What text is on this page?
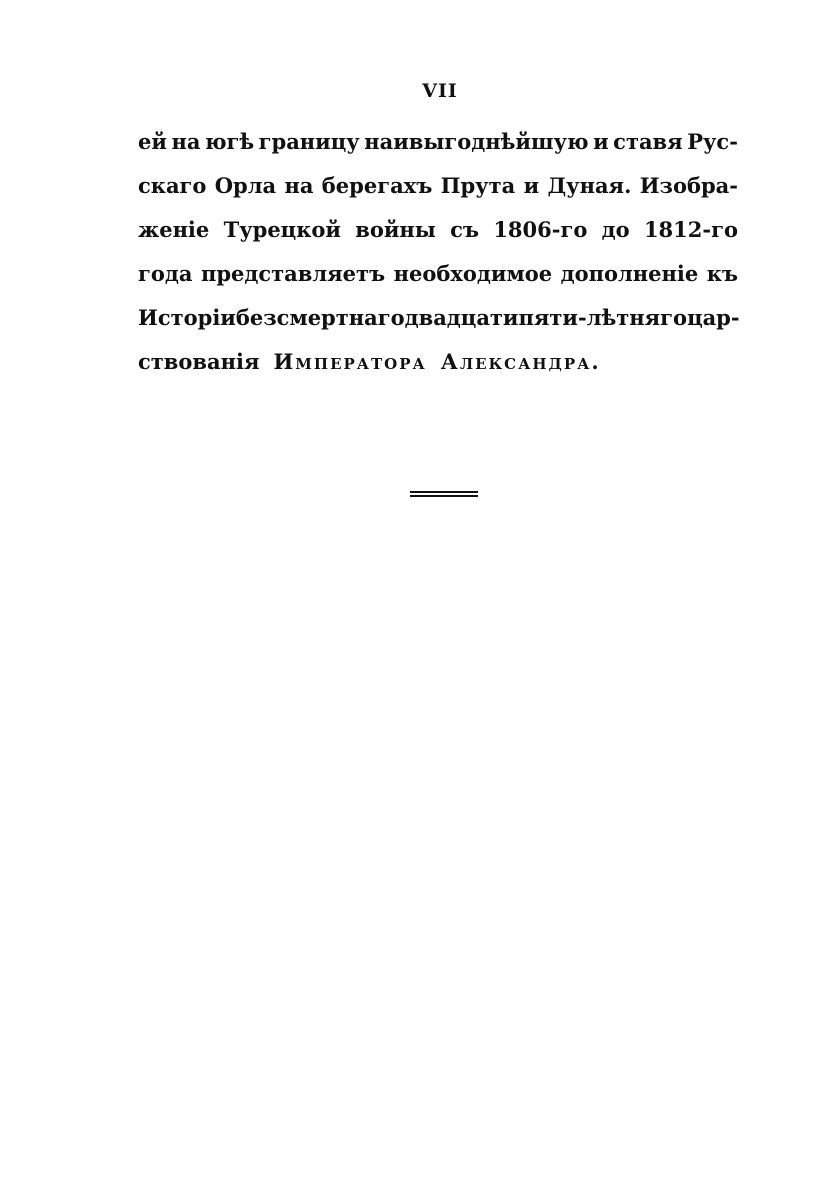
VII
ей на югѣ границу наивыгоднѣйшую и ставя Рус-
скаго Орла на берегахъ Прута и Дуная. Изобра-
женіе Турецкой войны съ 1806-го до 1812-го
года представляетъ необходимое дополненіе къ
Исторіи безсмертнаго двадцати пяти-лѣтняго цар-
ствованія Императора Александра.
